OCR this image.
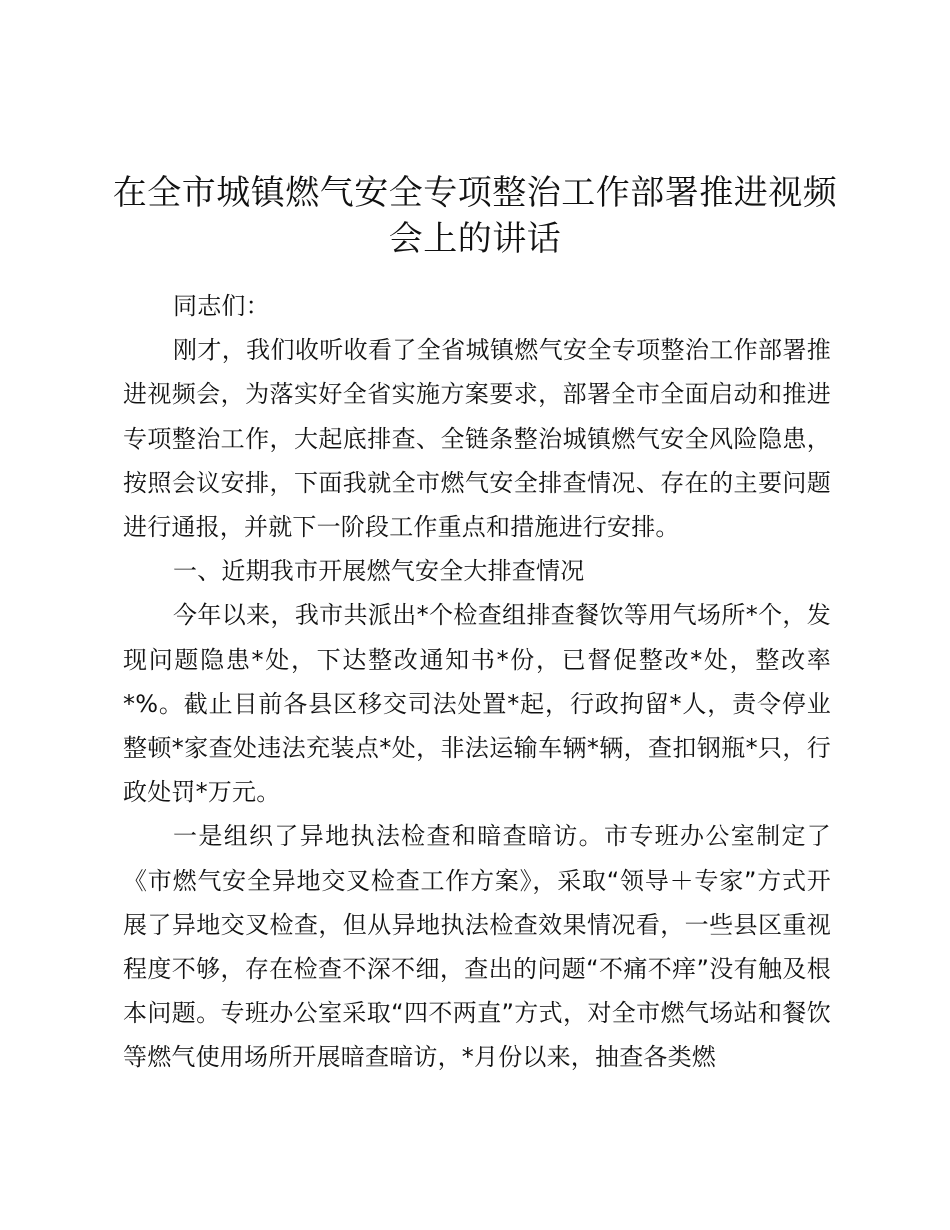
在全市城镇燃气安全专项整治工作部署推进视频会上的讲话

同志们：

刚才，我们收听收看了全省城镇燃气安全专项整治工作部署推进视频会，为落实好全省实施方案要求，部署全市全面启动和推进专项整治工作，大起底排查、全链条整治城镇燃气安全风险隐患，按照会议安排，下面我就全市燃气安全排查情况、存在的主要问题进行通报，并就下一阶段工作重点和措施进行安排。

一、近期我市开展燃气安全大排查情况

今年以来，我市共派出*个检查组排查餐饮等用气场所*个，发现问题隐患*处，下达整改通知书*份，已督促整改*处，整改率*%。截止目前各县区移交司法处置*起，行政拘留*人，责令停业整顿*家查处违法充装点*处，非法运输车辆*辆，查扣钢瓶*只，行政处罚*万元。

一是组织了异地执法检查和暗查暗访。市专班办公室制定了《市燃气安全异地交叉检查工作方案》，采取“领导＋专家”方式开展了异地交叉检查，但从异地执法检查效果情况看，一些县区重视程度不够，存在检查不深不细，查出的问题“不痛不痒”没有触及根本问题。专班办公室采取“四不两直”方式，对全市燃气场站和餐饮等燃气使用场所开展暗查暗访，*月份以来，抽查各类燃
